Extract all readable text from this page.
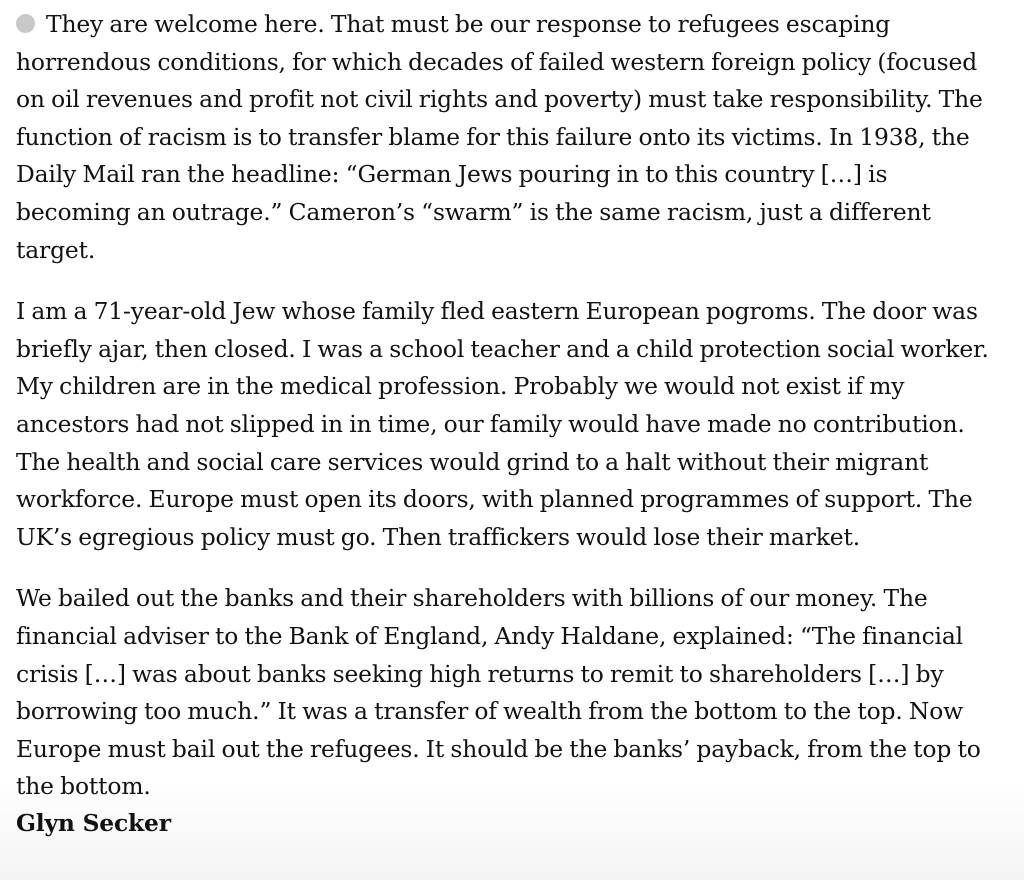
They are welcome here. That must be our response to refugees escaping horrendous conditions, for which decades of failed western foreign policy (focused on oil revenues and profit not civil rights and poverty) must take responsibility. The function of racism is to transfer blame for this failure onto its victims. In 1938, the Daily Mail ran the headline: “German Jews pouring in to this country […] is becoming an outrage.” Cameron’s “swarm” is the same racism, just a different target.

I am a 71-year-old Jew whose family fled eastern European pogroms. The door was briefly ajar, then closed. I was a school teacher and a child protection social worker. My children are in the medical profession. Probably we would not exist if my ancestors had not slipped in in time, our family would have made no contribution. The health and social care services would grind to a halt without their migrant workforce. Europe must open its doors, with planned programmes of support. The UK’s egregious policy must go. Then traffickers would lose their market.

We bailed out the banks and their shareholders with billions of our money. The financial adviser to the Bank of England, Andy Haldane, explained: “The financial crisis […] was about banks seeking high returns to remit to shareholders […] by borrowing too much.” It was a transfer of wealth from the bottom to the top. Now Europe must bail out the refugees. It should be the banks’ payback, from the top to the bottom.

Glyn Secker
